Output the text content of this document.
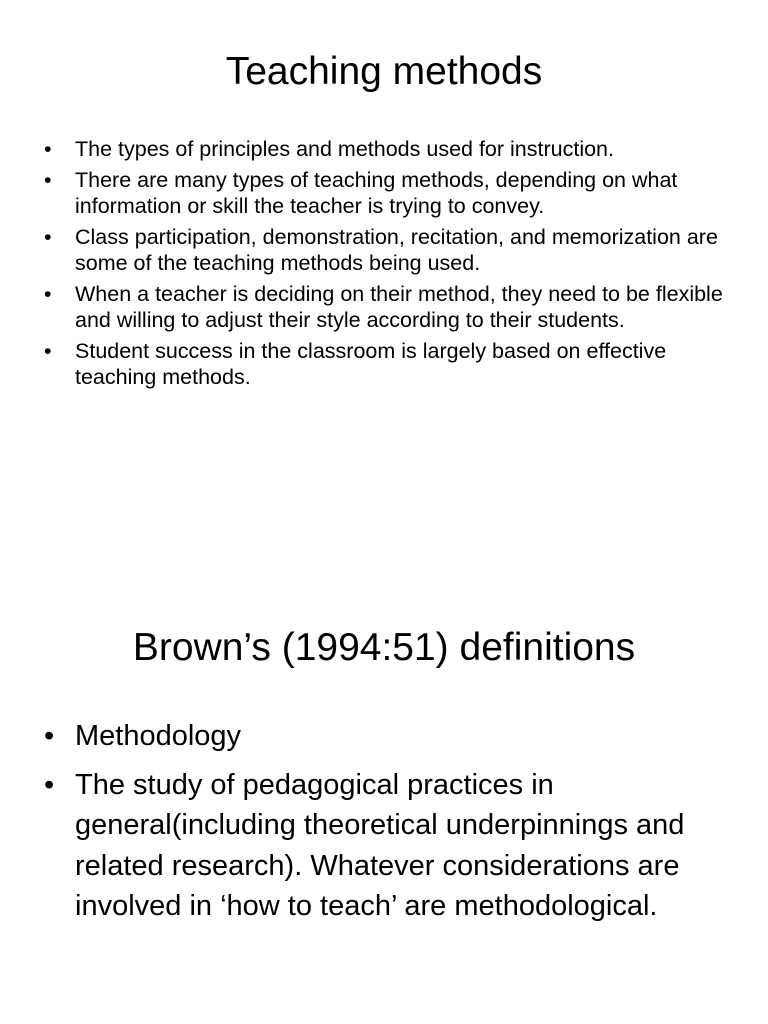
Teaching methods
• The types of principles and methods used for instruction.
• There are many types of teaching methods, depending on what information or skill the teacher is trying to convey.
• Class participation, demonstration, recitation, and memorization are some of the teaching methods being used.
• When a teacher is deciding on their method, they need to be flexible and willing to adjust their style according to their students.
• Student success in the classroom is largely based on effective teaching methods.
Brown’s (1994:51) definitions
• Methodology
• The study of pedagogical practices in general(including theoretical underpinnings and related research). Whatever considerations are involved in ‘how to teach’ are methodological.
